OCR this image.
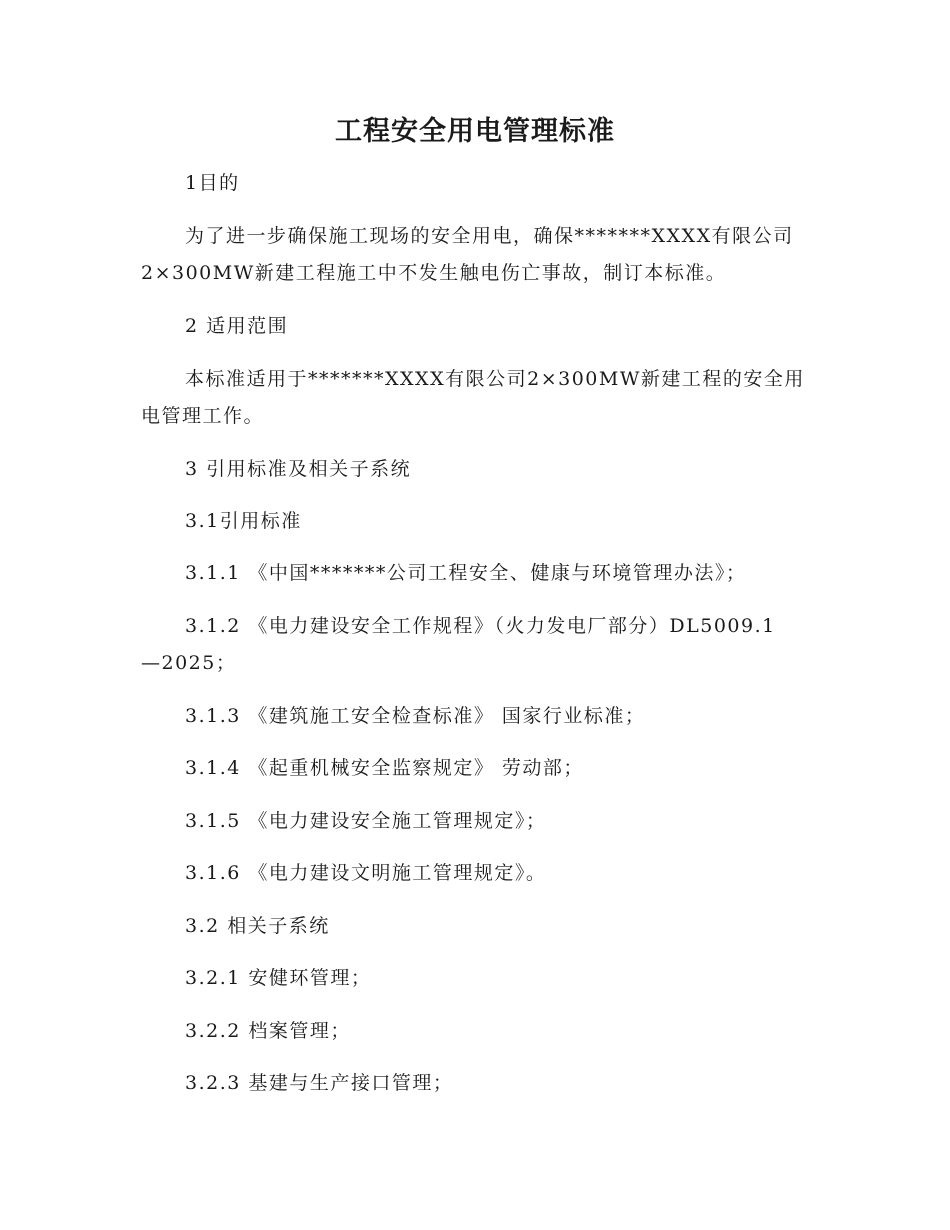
工程安全用电管理标准
1目的
为了进一步确保施工现场的安全用电，确保*******XXXX有限公司
2×300MW新建工程施工中不发生触电伤亡事故，制订本标准。
2 适用范围
本标准适用于*******XXXX有限公司2×300MW新建工程的安全用
电管理工作。
3 引用标准及相关子系统
3.1引用标准
3.1.1 《中国*******公司工程安全、健康与环境管理办法》；
3.1.2 《电力建设安全工作规程》（火力发电厂部分）DL5009.1
—2025；
3.1.3 《建筑施工安全检查标准》 国家行业标准；
3.1.4 《起重机械安全监察规定》 劳动部；
3.1.5 《电力建设安全施工管理规定》；
3.1.6 《电力建设文明施工管理规定》。
3.2 相关子系统
3.2.1 安健环管理；
3.2.2 档案管理；
3.2.3 基建与生产接口管理；
